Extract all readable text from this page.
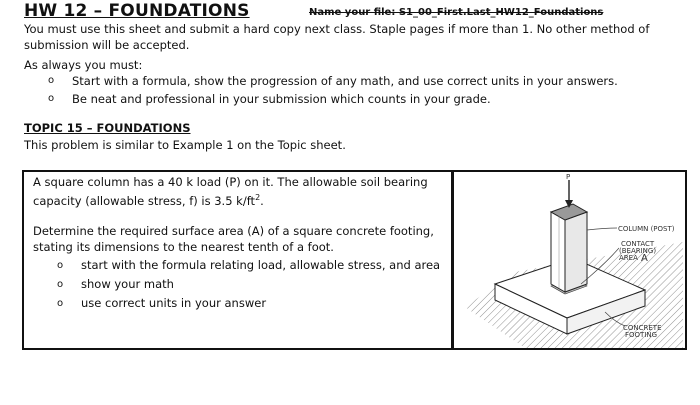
HW 12 – FOUNDATIONS	Name your file: S1_00_First.Last_HW12_Foundations

You must use this sheet and submit a hard copy next class. Staple pages if more than 1. No other method of submission will be accepted.

As always you must:

o Start with a formula, show the progression of any math, and use correct units in your answers.
o Be neat and professional in your submission which counts in your grade.

TOPIC 15 – FOUNDATIONS

This problem is similar to Example 1 on the Topic sheet.

A square column has a 40 k load (P) on it. The allowable soil bearing capacity (allowable stress, f) is 3.5 $k/ft^2$.

Determine the required surface area (A) of a square concrete footing, stating its dimensions to the nearest tenth of a foot.

o start with the formula relating load, allowable stress, and area
o show your math
o use correct units in your answer
P
COLUMN (POST)
CONTACT
(BEARING)
AREA A
CONCRETE
FOOTING
